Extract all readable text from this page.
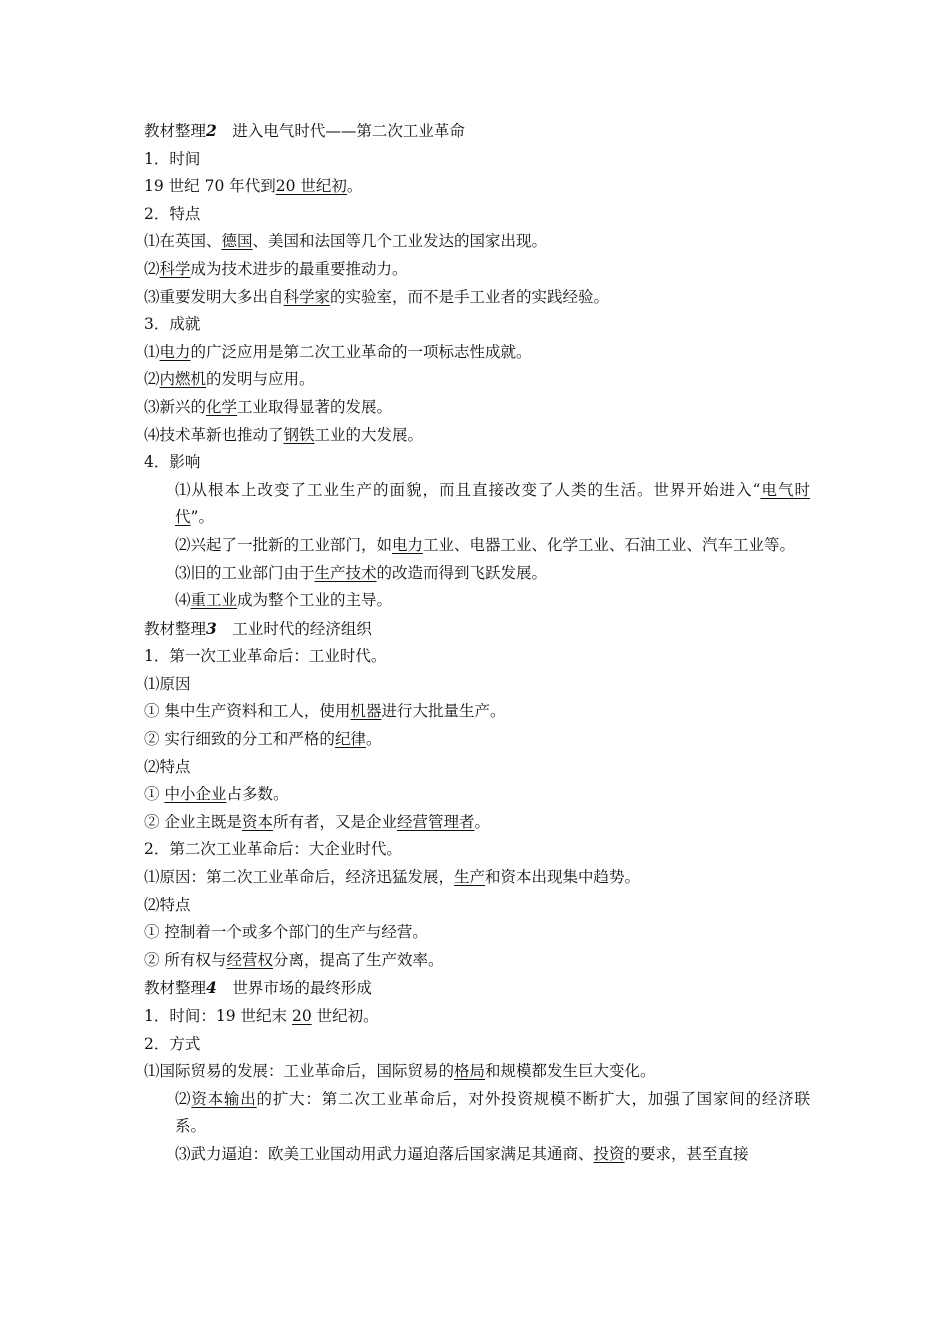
教材整理2　进入电气时代——第二次工业革命
1．时间
19 世纪 70 年代到20 世纪初。
2．特点
⑴在英国、德国、美国和法国等几个工业发达的国家出现。
⑵科学成为技术进步的最重要推动力。
⑶重要发明大多出自科学家的实验室，而不是手工业者的实践经验。
3．成就
⑴电力的广泛应用是第二次工业革命的一项标志性成就。
⑵内燃机的发明与应用。
⑶新兴的化学工业取得显著的发展。
⑷技术革新也推动了钢铁工业的大发展。
4．影响
⑴从根本上改变了工业生产的面貌，而且直接改变了人类的生活。世界开始进入“电气时代”。
⑵兴起了一批新的工业部门，如电力工业、电器工业、化学工业、石油工业、汽车工业等。
⑶旧的工业部门由于生产技术的改造而得到飞跃发展。
⑷重工业成为整个工业的主导。
教材整理3　工业时代的经济组织
1．第一次工业革命后：工业时代。
⑴原因
① 集中生产资料和工人，使用机器进行大批量生产。
② 实行细致的分工和严格的纪律。
⑵特点
① 中小企业占多数。
② 企业主既是资本所有者，又是企业经营管理者。
2．第二次工业革命后：大企业时代。
⑴原因：第二次工业革命后，经济迅猛发展，生产和资本出现集中趋势。
⑵特点
① 控制着一个或多个部门的生产与经营。
② 所有权与经营权分离，提高了生产效率。
教材整理4　世界市场的最终形成
1．时间：19 世纪末 20 世纪初。
2．方式
⑴国际贸易的发展：工业革命后，国际贸易的格局和规模都发生巨大变化。
⑵资本输出的扩大：第二次工业革命后，对外投资规模不断扩大，加强了国家间的经济联系。
⑶武力逼迫：欧美工业国动用武力逼迫落后国家满足其通商、投资的要求，甚至直接
